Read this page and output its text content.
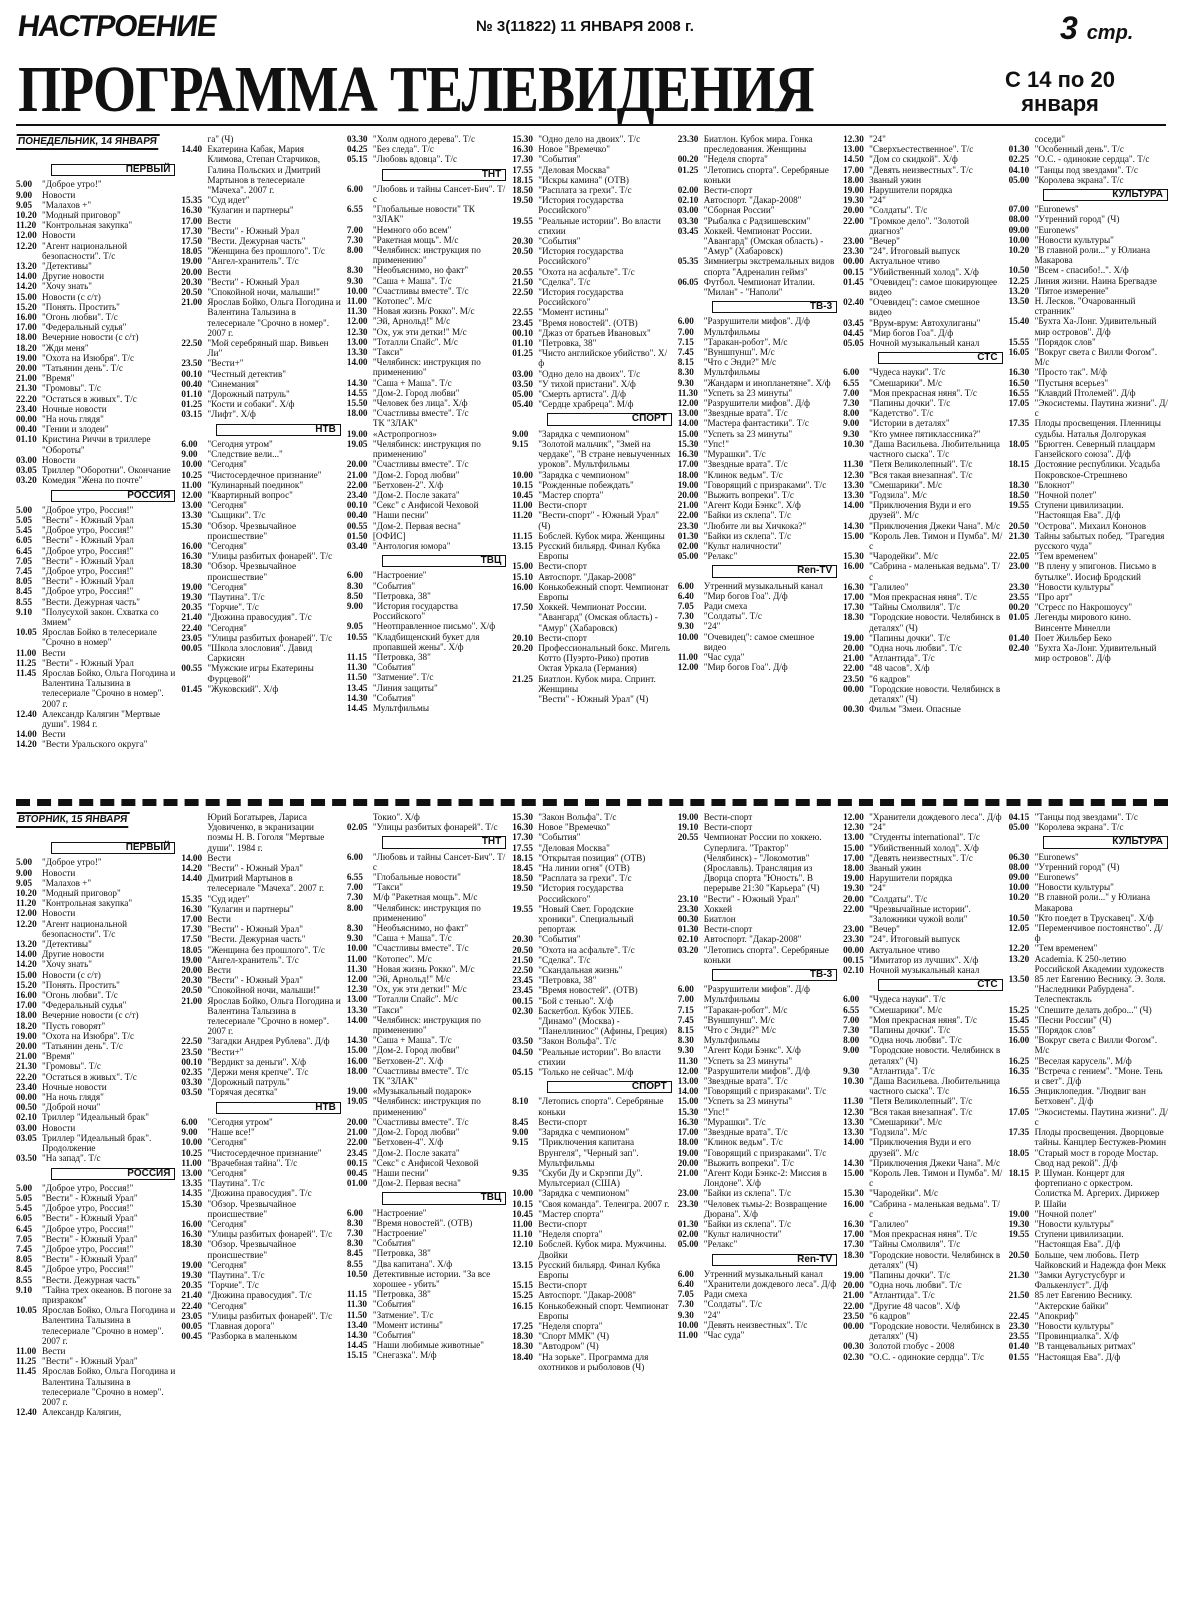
НАСТРОЕНИЕ	№ 3(11822) 11 ЯНВАРЯ 2008 г.	3 стр.
ПРОГРАММА ТЕЛЕВИДЕНИЯ	С 14 по 20
января
ПОНЕДЕЛЬНИК, 14 ЯНВАРЯ
ПЕРВЫЙ
5.00	"Доброе утро!"
9.00	Новости
9.05	"Малахов +"
10.20 "Модный приговор"
11.20 "Контрольная закупка"
12.00 Новости
12.20 "Агент национальной безопасности". Т/с
13.20 "Детективы"
14.00 Другие новости
14.20 "Хочу знать"
15.00 Новости (с с/т)
15.20 "Понять. Простить"
16.00 "Огонь любви". Т/с
17.00 "Федеральный судья"
18.00 Вечерние новости (с с/т)
18.20 "Жди меня"
19.00 "Охота на Изюбря". Т/с
20.00 "Татьянин день". Т/с
21.00 "Время"
21.30 "Громовы". Т/с
22.20 "Остаться в живых". Т/с
23.40 Ночные новости
00.00 "На ночь глядя"
00.40 "Гении и злодеи"
01.10 Кристина Риччи в триллере "Обороты"
03.00 Новости
03.05 Триллер "Оборотни". Окончание
03.20 Комедия "Жена по почте"
РОССИЯ
5.00	"Доброе утро, Россия!"
5.05	"Вести" - Южный Урал
5.45	"Доброе утро, Россия!"
6.05	"Вести" - Южный Урал
6.45	"Доброе утро, Россия!"
7.05	"Вести" - Южный Урал
7.45	"Доброе утро, Россия!"
8.05	"Вести" - Южный Урал
8.45	"Доброе утро, Россия!"
8.55	"Вести. Дежурная часть"
9.10	"Полусухой закон. Схватка со Змием"
10.05 Ярослав Бойко в телесериале "Срочно в номер"
11.00 Вести
11.25 "Вести" - Южный Урал
11.45 Ярослав Бойко, Ольга Погодина и Валентина Талызина в телесериале "Срочно в номер". 2007 г.
12.40 Александр Калягин "Мертвые души". 1984 г.
14.00 Вести
14.20 "Вести Уральского округа"
га" (Ч)
14.40 Екатерина Кабак, Мария Климова, Степан Старчиков, Галина Польских и Дмитрий Мартынов в телесериале "Мачеха". 2007 г.
15.35 "Суд идет"
16.30 "Кулагин и партнеры"
17.00 Вести
17.30 "Вести" - Южный Урал
17.50 "Вести. Дежурная часть"
18.05 "Женщина без прошлого". Т/с
19.00 "Ангел-хранитель". Т/с
20.00 Вести
20.30 "Вести" - Южный Урал
20.50 "Спокойной ночи, малыши!"
21.00 Ярослав Бойко, Ольга Погодина и Валентина Талызина в телесериале "Срочно в номер". 2007 г.
22.50 "Мой серебряный шар. Вивьен Ли"
23.50 "Вести+"
00.10 "Честный детектив"
00.40 "Синемания"
01.10 "Дорожный патруль"
01.25 "Кости и собаки". Х/ф
03.15 "Лифт". Х/ф
НТВ
6.00	"Сегодня утром"
9.00	"Следствие вели..."
10.00 "Сегодня"
10.25 "Чистосердечное признание"
11.00 "Кулинарный поединок"
12.00 "Квартирный вопрос"
13.00 "Сегодня"
13.30 "Сыщики". Т/с
15.30 "Обзор. Чрезвычайное происшествие"
16.00 "Сегодня"
16.30 "Улицы разбитых фонарей". Т/с
18.30 "Обзор. Чрезвычайное происшествие"
19.00 "Сегодня"
19.30 "Паутина". Т/с
20.35 "Горчие". Т/с
21.40 "Дюжина правосудия". Т/с
22.40 "Сегодня"
23.05 "Улицы разбитых фонарей". Т/с
00.05 "Школа злословия". Давид Саркисян
00.55 "Мужские игры Екатерины Фурцевой"
01.45 "Жуковский". Х/ф
03.30 "Холм одного дерева". Т/с
04.25 "Без следа". Т/с
05.15 "Любовь вдовца". Т/с
ТНТ
6.00	"Любовь и тайны Сансет-Бич". Т/с
6.55	"Глобальные новости" ТК "ЗЛАК"
7.00	"Немного обо всем"
7.30	"Ракетная мощь". М/с
8.00	"Челябинск: инструкция по применению"
8.30	"Необъяснимо, но факт"
9.30	"Саша + Маша". Т/с
10.00 "Счастливы вместе". Т/с
11.00 "Котопес". М/с
11.30 "Новая жизнь Рокко". М/с
12.00 "Эй, Арнольд!" М/с
12.30 "Ох, уж эти детки!" М/с
13.00 "Тоталли Спайс". М/с
13.30 "Такси"
14.00 "Челябинск: инструкция по применению"
14.30 "Саша + Маша". Т/с
14.55 "Дом-2. Город любви"
15.50 "Человек без лица". Х/ф
18.00 "Счастливы вместе". Т/с
ТК "ЗЛАК"
19.00 «Астропрогноз»
19.05 "Челябинск: инструкция по применению"
20.00 "Счастливы вместе". Т/с
21.00 "Дом-2. Город любви"
22.00 "Бетховен-2". Х/ф
23.40 "Дом-2. После заката"
00.10 "Секс" с Анфисой Чеховой
00.40 "Наши песни"
00.55 "Дом-2. Первая весна"
01.50 [ОФИС]
03.40 "Антология юмора"
ТВЦ
6.00	"Настроение"
8.30	"События"
8.50	"Петровка, 38"
9.00	"История государства Российского"
9.05	"Неотправленное письмо". Х/ф
10.55 "Кладбищенский букет для пропавшей жены". Х/ф
11.15 "Петровка, 38"
11.30 "События"
11.50 "Затмение". Т/с
13.45 "Линия защиты"
14.30 "События"
14.45 Мультфильмы
15.30 "Одно дело на двоих". Т/с
16.30 Новое "Времечко"
17.30 "События"
17.55 "Деловая Москва"
18.15 "Искры камина" (ОТВ)
18.50 "Расплата за грехи". Т/с
19.50 "История государства Российского"
19.55 "Реальные истории". Во власти стихии
20.30 "События"
20.50 "История государства Российского"
20.55 "Охота на асфальте". Т/с
21.50 "Сделка". Т/с
22.50 "История государства Российского"
22.55 "Момент истины"
23.45 "Время новостей". (ОТВ)
00.10 "Джаз от братьев Ивановых"
01.10 "Петровка, 38"
01.25 "Чисто английское убийство". Х/ф
03.00 "Одно дело на двоих". Т/с
03.50 "У тихой пристани". Х/ф
05.00 "Смерть артиста". Д/ф
05.40 "Сердце храбреца". М/ф
СПОРТ
9.00	"Зарядка с чемпионом"
9.15	"Золотой мальчик", "Змей на чердаке", "В стране невыученных уроков". Мультфильмы
10.00 "Зарядка с чемпионом"
10.15 "Рожденные побеждать"
10.45 "Мастер спорта"
11.00 Вести-спорт
11.20 "Вести-спорт" - Южный Урал" (Ч)
11.15 Бобслей. Кубок мира. Женщины
13.15 Русский бильярд. Финал Кубка Европы
15.00 Вести-спорт
15.10 Автоспорт. "Дакар-2008"
16.00 Конькобежный спорт. Чемпионат Европы
17.50 Хоккей. Чемпионат России. "Авангард" (Омская область) - "Амур" (Хабаровск)
20.10 Вести-спорт
20.20 Профессиональный бокс. Мигель Котто (Пуэрто-Рико) против Октая Уркала (Германия)
21.25 Биатлон. Кубок мира. Спринт. Женщины
"Вести" - Южный Урал" (Ч)
23.30 Биатлон. Кубок мира. Гонка преследования. Женщины
00.20 "Неделя спорта"
01.25 "Летопись спорта". Серебряные коньки
02.00 Вести-спорт
02.10 Автоспорт. "Дакар-2008"
03.00 "Сборная России"
03.30 "Рыбалка с Радзишевским"
03.45 Хоккей. Чемпионат России. "Авангард" (Омская область) - "Амур" (Хабаровск)
05.35 Зимниегры экстремальных видов спорта "Адреналин геймз"
06.05 Футбол. Чемпионат Италии. "Милан" - "Наполи"
ТВ-3
6.00	"Разрушители мифов". Д/ф
7.00	Мультфильмы
7.15	"Таракан-робот". М/с
7.45	"Вуншпунш". М/с
8.15	"Что с Энди?" М/с
8.30	Мультфильмы
9.30	"Жандарм и инопланетяне". Х/ф
11.30 "Успеть за 23 минуты"
12.00 "Разрушители мифов". Д/ф
13.00 "Звездные врата". Т/с
14.00 "Мастера фантастики". Т/с
15.00 "Успеть за 23 минуты"
15.30 "Упс!"
16.30 "Мурашки". Т/с
17.00 "Звездные врата". Т/с
18.00 "Клинок ведьм". Т/с
19.00 "Говорящий с призраками". Т/с
20.00 "Выжить вопреки". Т/с
21.00 "Агент Коди Бэнкс". Х/ф
22.00 "Байки из склепа". Т/с
23.30 "Любите ли вы Хичкока?"
01.30 "Байки из склепа". Т/с
02.00 "Культ наличности"
05.00 "Релакс"
Ren-TV
6.00	Утренний музыкальный канал
6.40	"Мир богов Гоа". Д/ф
7.05	Ради смеха
7.30	"Солдаты". Т/с
9.30	"24"
10.00 "Очевидец": самое смешное видео
11.00 "Час суда"
12.00 "Мир богов Гоа". Д/ф
12.30 "24"
13.00 "Сверхъестественное". Т/с
14.50 "Дом со скидкой". Х/ф
17.00 "Девять неизвестных". Т/с
18.00 Званый ужин
19.00 Нарушители порядка
19.30 "24"
20.00 "Солдаты". Т/с
22.00 "Громкое дело". "Золотой диагноз"
23.00 "Вечер"
23.30 "24". Итоговый выпуск
00.00 Актуальное чтиво
00.15 "Убийственный холод". Х/ф
01.45 "Очевидец": самое шокирующее видео
02.40 "Очевидец": самое смешное видео
03.45 "Врум-врум: Автохулиганы"
04.45 "Мир богов Гоа". Д/ф
05.05 Ночной музыкальный канал
СТС
6.00	"Чудеса науки". Т/с
6.55	"Смешарики". М/с
7.00	"Моя прекрасная няня". Т/с
7.30	"Папины дочки". Т/с
8.00	"Кадетство". Т/с
9.00	"Истории в деталях"
9.30	"Кто умнее пятиклассника?"
10.30 "Даша Васильева. Любительница частного сыска". Т/с
11.30 "Петя Великолепный". Т/с
12.30 "Вся такая внезапная". Т/с
13.30 "Смешарики". М/с
13.30 "Годзила". М/с
14.00 "Приключения Вуди и его друзей". М/с
14.30 "Приключения Джеки Чана". М/с
15.00 "Король Лев. Тимон и Пумба". М/с
15.30 "Чародейки". М/с
16.00 "Сабрина - маленькая ведьма". Т/с
16.30 "Галилео"
17.00 "Моя прекрасная няня". Т/с
17.30 "Тайны Смолвиля". Т/с
18.30 "Городские новости. Челябинск в деталях" (Ч)
19.00 "Папины дочки". Т/с
20.00 "Одна ночь любви". Т/с
21.00 "Атлантида". Т/с
22.00 "48 часов". Х/ф
23.50 "6 кадров"
00.00 "Городские новости. Челябинск в деталях" (Ч)
00.30 Фильм "Змеи. Опасные
соседи"
01.30 "Особенный день". Т/с
02.25 "О.С. - одинокие сердца". Т/с
04.10 "Танцы под звездами". Т/с
05.00 "Королева экрана". Т/с
КУЛЬТУРА
07.00 "Euronews"
08.00 "Утренний город" (Ч)
09.00 "Euronews"
10.00 "Новости культуры"
10.20 "В главной роли..." у Юлиана Макарова
10.50 "Всем - спасибо!..". Х/ф
12.25 Линия жизни. Наина Брегвадзе
13.20 "Пятое измерение"
13.50 Н. Лесков. "Очарованный странник"
15.40 "Бухта Ха-Лонг. Удивительный мир островов". Д/ф
15.55 "Порядок слов"
16.05 "Вокруг света с Вилли Фогом". М/с
16.30 "Просто так". М/ф
16.50 "Пустыня всерьез"
16.55 "Клавдий Птолемей". Д/ф
17.05 "Экосистемы. Паутина жизни". Д/с
17.35 Плоды просвещения. Пленницы судьбы. Наталья Долгорукая
18.05 "Брюгген. Северный плацдарм Ганзейского союза". Д/ф
18.15 Достояние республики. Усадьба Покровское-Стрешнево
18.30 "Блокнот"
18.50 "Ночной полет"
19.55 Ступени цивилизации. "Настоящая Ева". Д/ф
20.50 "Острова". Михаил Кононов
21.30 Тайны забытых побед. "Трагедия русского чуда"
22.05 "Тем временем"
23.00 "В плену у эпигонов. Письмо в бутылке". Иосиф Бродский
23.30 "Новости культуры"
23.55 "Про арт"
00.20 "Стресс по Накрошоусу"
01.05 Легенды мирового кино. Винсенте Минелли
01.40 Поет Жильбер Беко
02.40 "Бухта Ха-Лонг. Удивительный мир островов". Д/ф
ВТОРНИК, 15 ЯНВАРЯ
ПЕРВЫЙ
5.00	"Доброе утро!"
9.00	Новости
9.05	"Малахов +"
10.20 "Модный приговор"
11.20 "Контрольная закупка"
12.00 Новости
12.20 "Агент национальной безопасности". Т/с
13.20 "Детективы"
14.00 Другие новости
14.20 "Хочу знать"
15.00 Новости (с с/т)
15.20 "Понять. Простить"
16.00 "Огонь любви". Т/с
17.00 "Федеральный судья"
18.00 Вечерние новости (с с/т)
18.20 "Пусть говорят"
19.00 "Охота на Изюбря". Т/с
20.00 "Татьянин день". Т/с
21.00 "Время"
21.30 "Громовы". Т/с
22.20 "Остаться в живых". Т/с
23.40 Ночные новости
00.00 "На ночь глядя"
00.50 "Доброй ночи"
02.10 Триллер "Идеальный брак"
03.00 Новости
03.05 Триллер "Идеальный брак". Продолжение
03.50 "На запад". Т/с
РОССИЯ
5.00	"Доброе утро, Россия!"
5.05	"Вести" - Южный Урал"
5.45	"Доброе утро, Россия!"
6.05	"Вести" - Южный Урал"
6.45	"Доброе утро, Россия!"
7.05	"Вести" - Южный Урал"
7.45	"Доброе утро, Россия!"
8.05	"Вести" - Южный Урал"
8.45	"Доброе утро, Россия!"
8.55	"Вести. Дежурная часть"
9.10	"Тайна трех океанов. В погоне за призраком"
10.05 Ярослав Бойко, Ольга Погодина и Валентина Талызина в телесериале "Срочно в номер". 2007 г.
11.00 Вести
11.25 "Вести" - Южный Урал"
11.45 Ярослав Бойко, Ольга Погодина и Валентина Талызина в телесериале "Срочно в номер". 2007 г.
12.40 Александр Калягин,
Юрий Богатырев, Лариса Удовиченко, в экранизации поэмы Н. В. Гоголя "Мертвые души". 1984 г.
14.00 Вести
14.20 "Вести" - Южный Урал"
14.40 Дмитрий Мартынов в телесериале "Мачеха". 2007 г.
15.35 "Суд идет"
16.30 "Кулагин и партнеры"
17.00 Вести
17.30 "Вести" - Южный Урал"
17.50 "Вести. Дежурная часть"
18.05 "Женщина без прошлого". Т/с
19.00 "Ангел-хранитель". Т/с
20.00 Вести
20.30 "Вести" - Южный Урал"
20.50 "Спокойной ночи, малыши!"
21.00 Ярослав Бойко, Ольга Погодина и Валентина Талызина в телесериале "Срочно в номер". 2007 г.
22.50 "Загадки Андрея Рублева". Д/ф
23.50 "Вести+"
00.10 "Вердикт за деньги". Х/ф
02.35 "Держи меня крепче". Т/с
03.30 "Дорожный патруль"
03.50 "Горячая десятка"
НТВ
6.00	"Сегодня утром"
9.00	"Наше все!"
10.00 "Сегодня"
10.25 "Чистосердечное признание"
11.00 "Врачебная тайна". Т/с
13.00 "Сегодня"
13.35 "Паутина". Т/с
14.35 "Дюжина правосудия". Т/с
15.30 "Обзор. Чрезвычайное происшествие"
16.00 "Сегодня"
16.30 "Улицы разбитых фонарей". Т/с
18.30 "Обзор. Чрезвычайное происшествие"
19.00 "Сегодня"
19.30 "Паутина". Т/с
20.35 "Горчие". Т/с
21.40 "Дюжина правосудия". Т/с
22.40 "Сегодня"
23.05 "Улицы разбитых фонарей". Т/с
00.05 "Главная дорога"
00.45 "Разборка в маленьком
Токио". Х/ф
02.05 "Улицы разбитых фонарей". Т/с
ТНТ
6.00	"Любовь и тайны Сансет-Бич". Т/с
6.55	"Глобальные новости"
7.00	"Такси"
7.30	М/ф "Ракетная мощь". М/с
8.00	"Челябинск: инструкция по применению"
8.30	"Необъяснимо, но факт"
9.30	"Саша + Маша". Т/с
10.00 "Счастливы вместе". Т/с
11.00 "Котопес". М/с
11.30 "Новая жизнь Рокко". М/с
12.00 "Эй, Арнольд!" М/с
12.30 "Ох, уж эти детки!" М/с
13.00 "Тоталли Спайс". М/с
13.30 "Такси"
14.00 "Челябинск: инструкция по применению"
14.30 "Саша + Маша". Т/с
15.00 "Дом-2. Город любви"
16.00 "Бетховен-2". Х/ф
18.00 "Счастливы вместе". Т/с
ТК "ЗЛАК"
19.00 «Музыкальный подарок»
19.05 "Челябинск: инструкция по применению"
20.00 "Счастливы вместе". Т/с
21.00 "Дом-2. Город любви"
22.00 "Бетховен-4". Х/ф
23.45 "Дом-2. После заката"
00.15 "Секс" с Анфисой Чеховой
00.45 "Наши песни"
01.00 "Дом-2. Первая весна"
ТВЦ
6.00	"Настроение"
8.30	"Время новостей". (ОТВ)
7.30	"Настроение"
8.30	"События"
8.45	"Петровка, 38"
8.55	"Два капитана". Х/ф
10.50 Детективные истории. "За все хорошее - убить"
11.15 "Петровка, 38"
11.30 "События"
11.50 "Затмение". Т/с
13.40 "Момент истины"
14.30 "События"
14.45 "Наши любимые животные"
15.15 "Снегазка". М/ф
15.30 "Закон Вольфа". Т/с
16.30 Новое "Времечко"
17.30 "События"
17.55 "Деловая Москва"
18.15 "Открытая позиция" (ОТВ)
18.45 "На линии огня" (ОТВ)
18.50 "Расплата за грехи". Т/с
19.50 "История государства Российского"
19.55 "Новый Свет. Городские хроники". Специальный репортаж
20.30 "События"
20.50 "Охота на асфальте". Т/с
21.50 "Сделка". Т/с
22.50 "Скандальная жизнь"
23.45 "Петровка, 38"
23.45 "Время новостей". (ОТВ)
00.15 "Бой с тенью". Х/ф
02.30 Баскетбол. Кубок УЛЕБ. "Динамо" (Москва) - "Панеллиниос" (Афины, Греция)
03.50 "Закон Вольфа". Т/с
04.50 "Реальные истории". Во власти стихии
05.15 "Только не сейчас". М/ф
СПОРТ
8.10	"Летопись спорта". Серебряные коньки
8.45	Вести-спорт
9.00	"Зарядка с чемпионом"
9.15	"Приключения капитана Врунгеля", "Черный зап". Мультфильмы
9.35	"Скуби Ду и Скрэппи Ду". Мультсериал (США)
10.00 "Зарядка с чемпионом"
10.15 "Своя команда". Телеигра. 2007 г.
10.45 "Мастер спорта"
11.00 Вести-спорт
11.10 "Неделя спорта"
12.10 Бобслей. Кубок мира. Мужчины. Двойки
13.15 Русский бильярд. Финал Кубка Европы
15.15 Вести-спорт
15.25 Автоспорт. "Дакар-2008"
16.15 Конькобежный спорт. Чемпионат Европы
17.25 "Неделя спорта"
18.30 "Спорт ММК" (Ч)
18.30 "Автодром" (Ч)
18.40 "На зорьке". Программа для охотников и рыболовов (Ч)
19.00 Вести-спорт
19.10 Вести-спорт
20.55 Чемпионат России по хоккею. Суперлига. "Трактор" (Челябинск) - "Локомотив" (Ярославль). Трансляция из Дворца спорта "Юность". В перерыве 21:30 "Карьера" (Ч)
23.10 "Вести" - Южный Урал"
23.30 Хоккей
00.30 Биатлон
01.30 Вести-спорт
02.10 Автоспорт. "Дакар-2008"
03.20 "Летопись спорта". Серебряные коньки
ТВ-3
6.00	"Разрушители мифов". Д/ф
7.00	Мультфильмы
7.15	"Таракан-робот". М/с
7.45	"Вуншпунш". М/с
8.15	"Что с Энди?" М/с
8.30	Мультфильмы
9.30	"Агент Коди Бэнкс". Х/ф
11.30 "Успеть за 23 минуты"
12.00 "Разрушители мифов". Д/ф
13.00 "Звездные врата". Т/с
14.00 "Говорящий с призраками". Т/с
15.00 "Успеть за 23 минуты"
15.30 "Упс!"
16.30 "Мурашки". Т/с
17.00 "Звездные врата". Т/с
18.00 "Клинок ведьм". Т/с
19.00 "Говорящий с призраками". Т/с
20.00 "Выжить вопреки". Т/с
21.00 "Агент Коди Бэнкс-2: Миссия в Лондоне". Х/ф
23.00 "Байки из склепа". Т/с
23.30 "Человек тьмы-2: Возвращение Дюрана". Х/ф
01.30 "Байки из склепа". Т/с
02.00 "Культ наличности"
05.00 "Релакс"
Ren-TV
6.00	Утренний музыкальный канал
6.40	"Хранители дождевого леса". Д/ф
7.05	Ради смеха
7.30	"Солдаты". Т/с
9.30	"24"
10.00 "Девять неизвестных". Т/с
11.00 "Час суда"
12.00 "Хранители дождевого леса". Д/ф
12.30 "24"
13.00 "Студенты international". Т/с
15.00 "Убийственный холод". Х/ф
17.00 "Девять неизвестных". Т/с
18.00 Званый ужин
19.00 Нарушители порядка
19.30 "24"
20.00 "Солдаты". Т/с
22.00 "Чрезвычайные истории". "Заложники чужой воли"
23.00 "Вечер"
23.30 "24". Итоговый выпуск
00.00 Актуальное чтиво
00.15 "Имитатор из лучших". Х/ф
02.10 Ночной музыкальный канал
СТС
6.00	"Чудеса науки". Т/с
6.55	"Смешарики". М/с
7.00	"Моя прекрасная няня". Т/с
7.30	"Папины дочки". Т/с
8.00	"Одна ночь любви". Т/с
9.00	"Городские новости. Челябинск в деталях" (Ч)
9.30	"Атлантида". Т/с
10.30 "Даша Васильева. Любительница частного сыска". Т/с
11.30 "Петя Великолепный". Т/с
12.30 "Вся такая внезапная". Т/с
13.30 "Смешарики". М/с
13.30 "Годзила". М/с
14.00 "Приключения Вуди и его друзей". М/с
14.30 "Приключения Джеки Чана". М/с
15.00 "Король Лев. Тимон и Пумба". М/с
15.30 "Чародейки". М/с
16.00 "Сабрина - маленькая ведьма". Т/с
16.30 "Галилео"
17.00 "Моя прекрасная няня". Т/с
17.30 "Тайны Смолвиля". Т/с
18.30 "Городские новости. Челябинск в деталях" (Ч)
19.00 "Папины дочки". Т/с
20.00 "Одна ночь любви". Т/с
21.00 "Атлантида". Т/с
22.00 "Другие 48 часов". Х/ф
23.50 "6 кадров"
00.00 "Городские новости. Челябинск в деталях" (Ч)
00.30 Золотой глобус - 2008
02.30 "О.С. - одинокие сердца". Т/с
04.15 "Танцы под звездами". Т/с
05.00 "Королева экрана". Т/с
КУЛЬТУРА
06.30 "Euronews"
08.00 "Утренний город" (Ч)
09.00 "Euronews"
10.00 "Новости культуры"
10.20 "В главной роли..." у Юлиана Макарова
10.50 "Кто поедет в Трускавец". Х/ф
12.05 "Переменчивое постоянство". Д/ф
12.20 "Тем временем"
13.20 Academia. К 250-летию Российской Академии художеств
13.50 85 лет Евгению Веснику. Э. Золя. "Наследники Рабурдена". Телеспектакль
15.25 "Спешите делать добро..." (Ч)
15.45 "Песни России" (Ч)
15.55 "Порядок слов"
16.00 "Вокруг света с Вилли Фогом". М/с
16.25 "Веселая карусель". М/ф
16.35 "Встреча с гением". "Моне. Тень и свет". Д/ф
16.55 Энциклопедия. "Людвиг ван Бетховен". Д/ф
17.05 "Экосистемы. Паутина жизни". Д/с
17.35 Плоды просвещения. Дворцовые тайны. Канцлер Бестужев-Рюмин
18.05 "Старый мост в городе Мостар. Свод над рекой". Д/ф
18.15 Р. Шуман. Концерт для фортепиано с оркестром. Солистка М. Аргерих. Дирижер Р. Шайи
19.00 "Ночной полет"
19.30 "Новости культуры"
19.55 Ступени цивилизации. "Настоящая Ева". Д/ф
20.50 Больше, чем любовь. Петр Чайковский и Надежда фон Мекк
21.30 "Замки Аугустусбург и Фалькенлуст". Д/ф
21.50 85 лет Евгению Веснику. "Актерские байки"
22.45 "Апокриф"
23.30 "Новости культуры"
23.55 "Провинциалка". Х/ф
01.40 "В танцевальных ритмах"
01.55 "Настоящая Ева". Д/ф
